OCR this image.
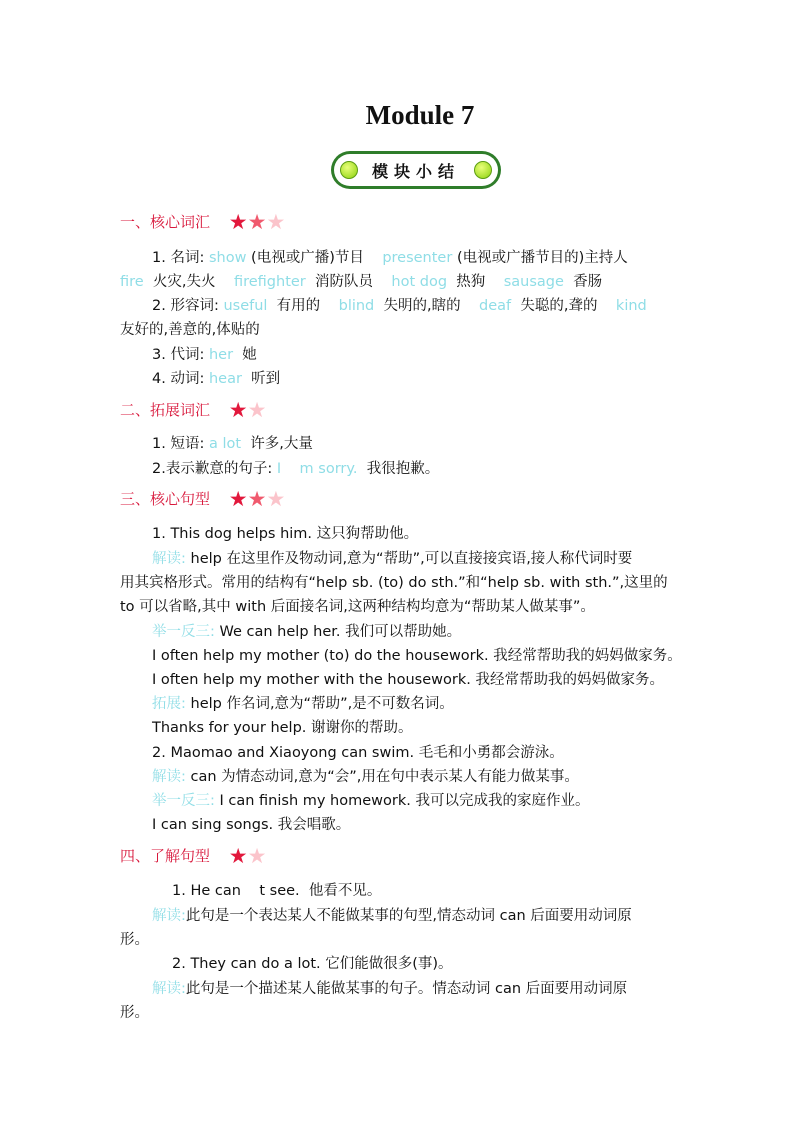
Module 7
模块小结
一、核心词汇 ★★★
1. 名词: show (电视或广播)节目 presenter (电视或广播节目的)主持人
fire 火灾,失火 firefighter 消防队员 hot dog 热狗 sausage 香肠
2. 形容词: useful 有用的 blind 失明的,瞎的 deaf 失聪的,聋的 kind
友好的,善意的,体贴的
3. 代词: her 她
4. 动词: hear 听到
二、拓展词汇 ★★
1. 短语: a lot 许多,大量
2.表示歉意的句子: I    m sorry. 我很抱歉。
三、核心句型 ★★★
1. This dog helps him. 这只狗帮助他。
解读: help 在这里作及物动词,意为“帮助”,可以直接接宾语,接人称代词时要
用其宾格形式。常用的结构有“help sb. (to) do sth.”和“help sb. with sth.”,这里的
to 可以省略,其中 with 后面接名词,这两种结构均意为“帮助某人做某事”。
举一反三: We can help her. 我们可以帮助她。
I often help my mother (to) do the housework. 我经常帮助我的妈妈做家务。
I often help my mother with the housework. 我经常帮助我的妈妈做家务。
拓展: help 作名词,意为“帮助”,是不可数名词。
Thanks for your help. 谢谢你的帮助。
2. Maomao and Xiaoyong can swim. 毛毛和小勇都会游泳。
解读: can 为情态动词,意为“会”,用在句中表示某人有能力做某事。
举一反三: I can finish my homework. 我可以完成我的家庭作业。
I can sing songs. 我会唱歌。
四、了解句型 ★★
1. He can    t see.  他看不见。
解读:此句是一个表达某人不能做某事的句型,情态动词 can 后面要用动词原
形。
2. They can do a lot. 它们能做很多(事)。
解读:此句是一个描述某人能做某事的句子。情态动词 can 后面要用动词原
形。
